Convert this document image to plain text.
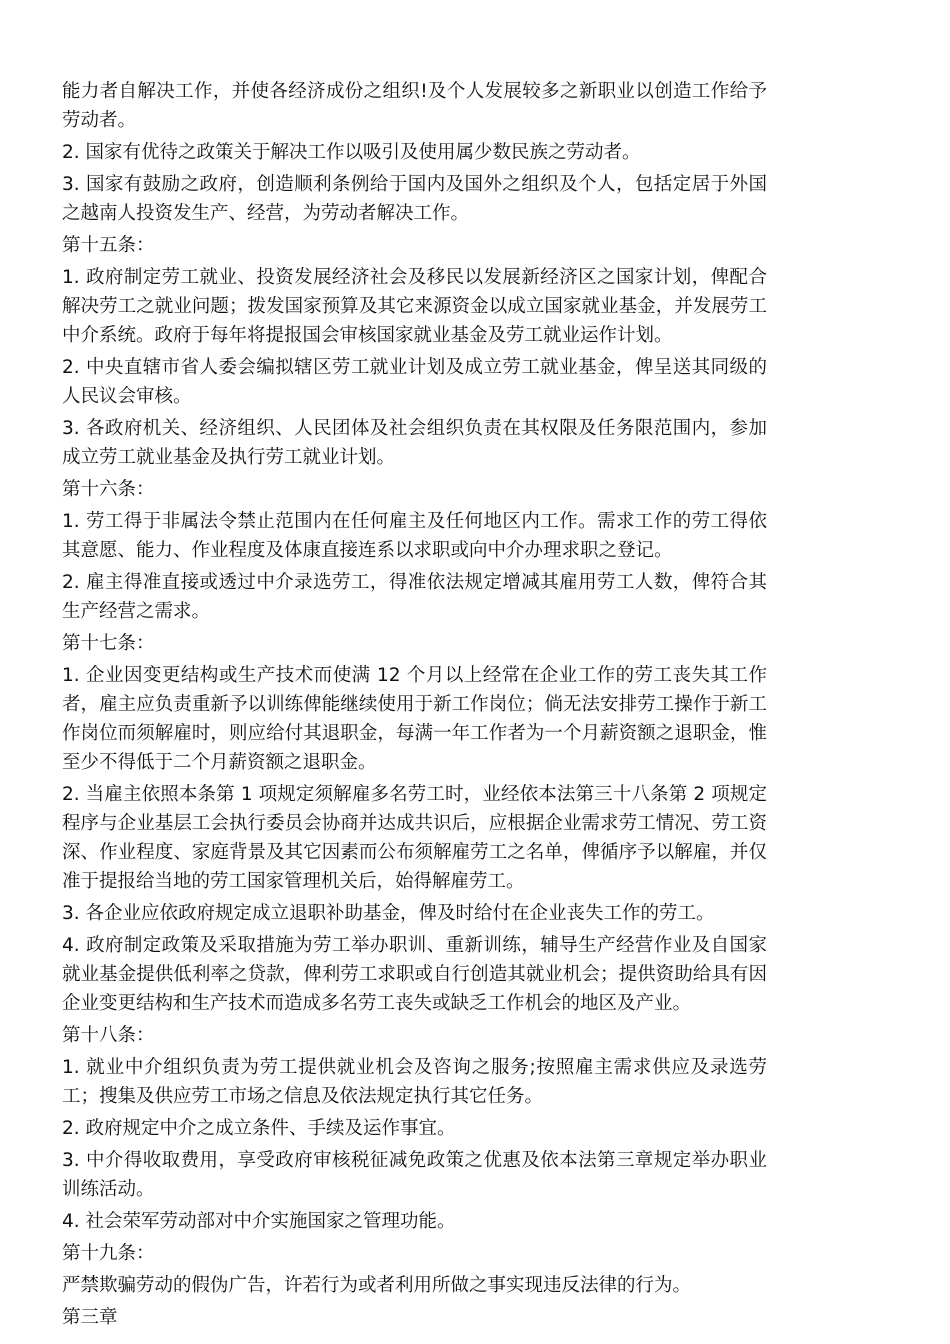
能力者自解决工作，并使各经济成份之组织!及个人发展较多之新职业以创造工作给予劳动者。

2. 国家有优待之政策关于解决工作以吸引及使用属少数民族之劳动者。

3. 国家有鼓励之政府，创造顺利条例给于国内及国外之组织及个人，包括定居于外国之越南人投资发生产、经营，为劳动者解决工作。

第十五条：

1. 政府制定劳工就业、投资发展经济社会及移民以发展新经济区之国家计划，俾配合解决劳工之就业问题；拨发国家预算及其它来源资金以成立国家就业基金，并发展劳工中介系统。政府于每年将提报国会审核国家就业基金及劳工就业运作计划。

2. 中央直辖市省人委会编拟辖区劳工就业计划及成立劳工就业基金，俾呈送其同级的人民议会审核。

3. 各政府机关、经济组织、人民团体及社会组织负责在其权限及任务限范围内，参加成立劳工就业基金及执行劳工就业计划。

第十六条：

1. 劳工得于非属法令禁止范围内在任何雇主及任何地区内工作。需求工作的劳工得依其意愿、能力、作业程度及体康直接连系以求职或向中介办理求职之登记。

2. 雇主得准直接或透过中介录选劳工，得准依法规定增减其雇用劳工人数，俾符合其生产经营之需求。

第十七条：

1. 企业因变更结构或生产技术而使满 12 个月以上经常在企业工作的劳工丧失其工作者，雇主应负责重新予以训练俾能继续使用于新工作岗位；倘无法安排劳工操作于新工作岗位而须解雇时，则应给付其退职金，每满一年工作者为一个月薪资额之退职金，惟至少不得低于二个月薪资额之退职金。

2. 当雇主依照本条第 1 项规定须解雇多名劳工时，业经依本法第三十八条第 2 项规定程序与企业基层工会执行委员会协商并达成共识后，应根据企业需求劳工情况、劳工资深、作业程度、家庭背景及其它因素而公布须解雇劳工之名单，俾循序予以解雇，并仅准于提报给当地的劳工国家管理机关后，始得解雇劳工。

3. 各企业应依政府规定成立退职补助基金，俾及时给付在企业丧失工作的劳工。

4. 政府制定政策及采取措施为劳工举办职训、重新训练，辅导生产经营作业及自国家就业基金提供低利率之贷款，俾利劳工求职或自行创造其就业机会；提供资助给具有因企业变更结构和生产技术而造成多名劳工丧失或缺乏工作机会的地区及产业。

第十八条：

1. 就业中介组织负责为劳工提供就业机会及咨询之服务;按照雇主需求供应及录选劳工；搜集及供应劳工市场之信息及依法规定执行其它任务。

2. 政府规定中介之成立条件、手续及运作事宜。

3. 中介得收取费用，享受政府审核税征减免政策之优惠及依本法第三章规定举办职业训练活动。

4. 社会荣军劳动部对中介实施国家之管理功能。

第十九条：

严禁欺骗劳动的假伪广告，许若行为或者利用所做之事实现违反法律的行为。

第三章
